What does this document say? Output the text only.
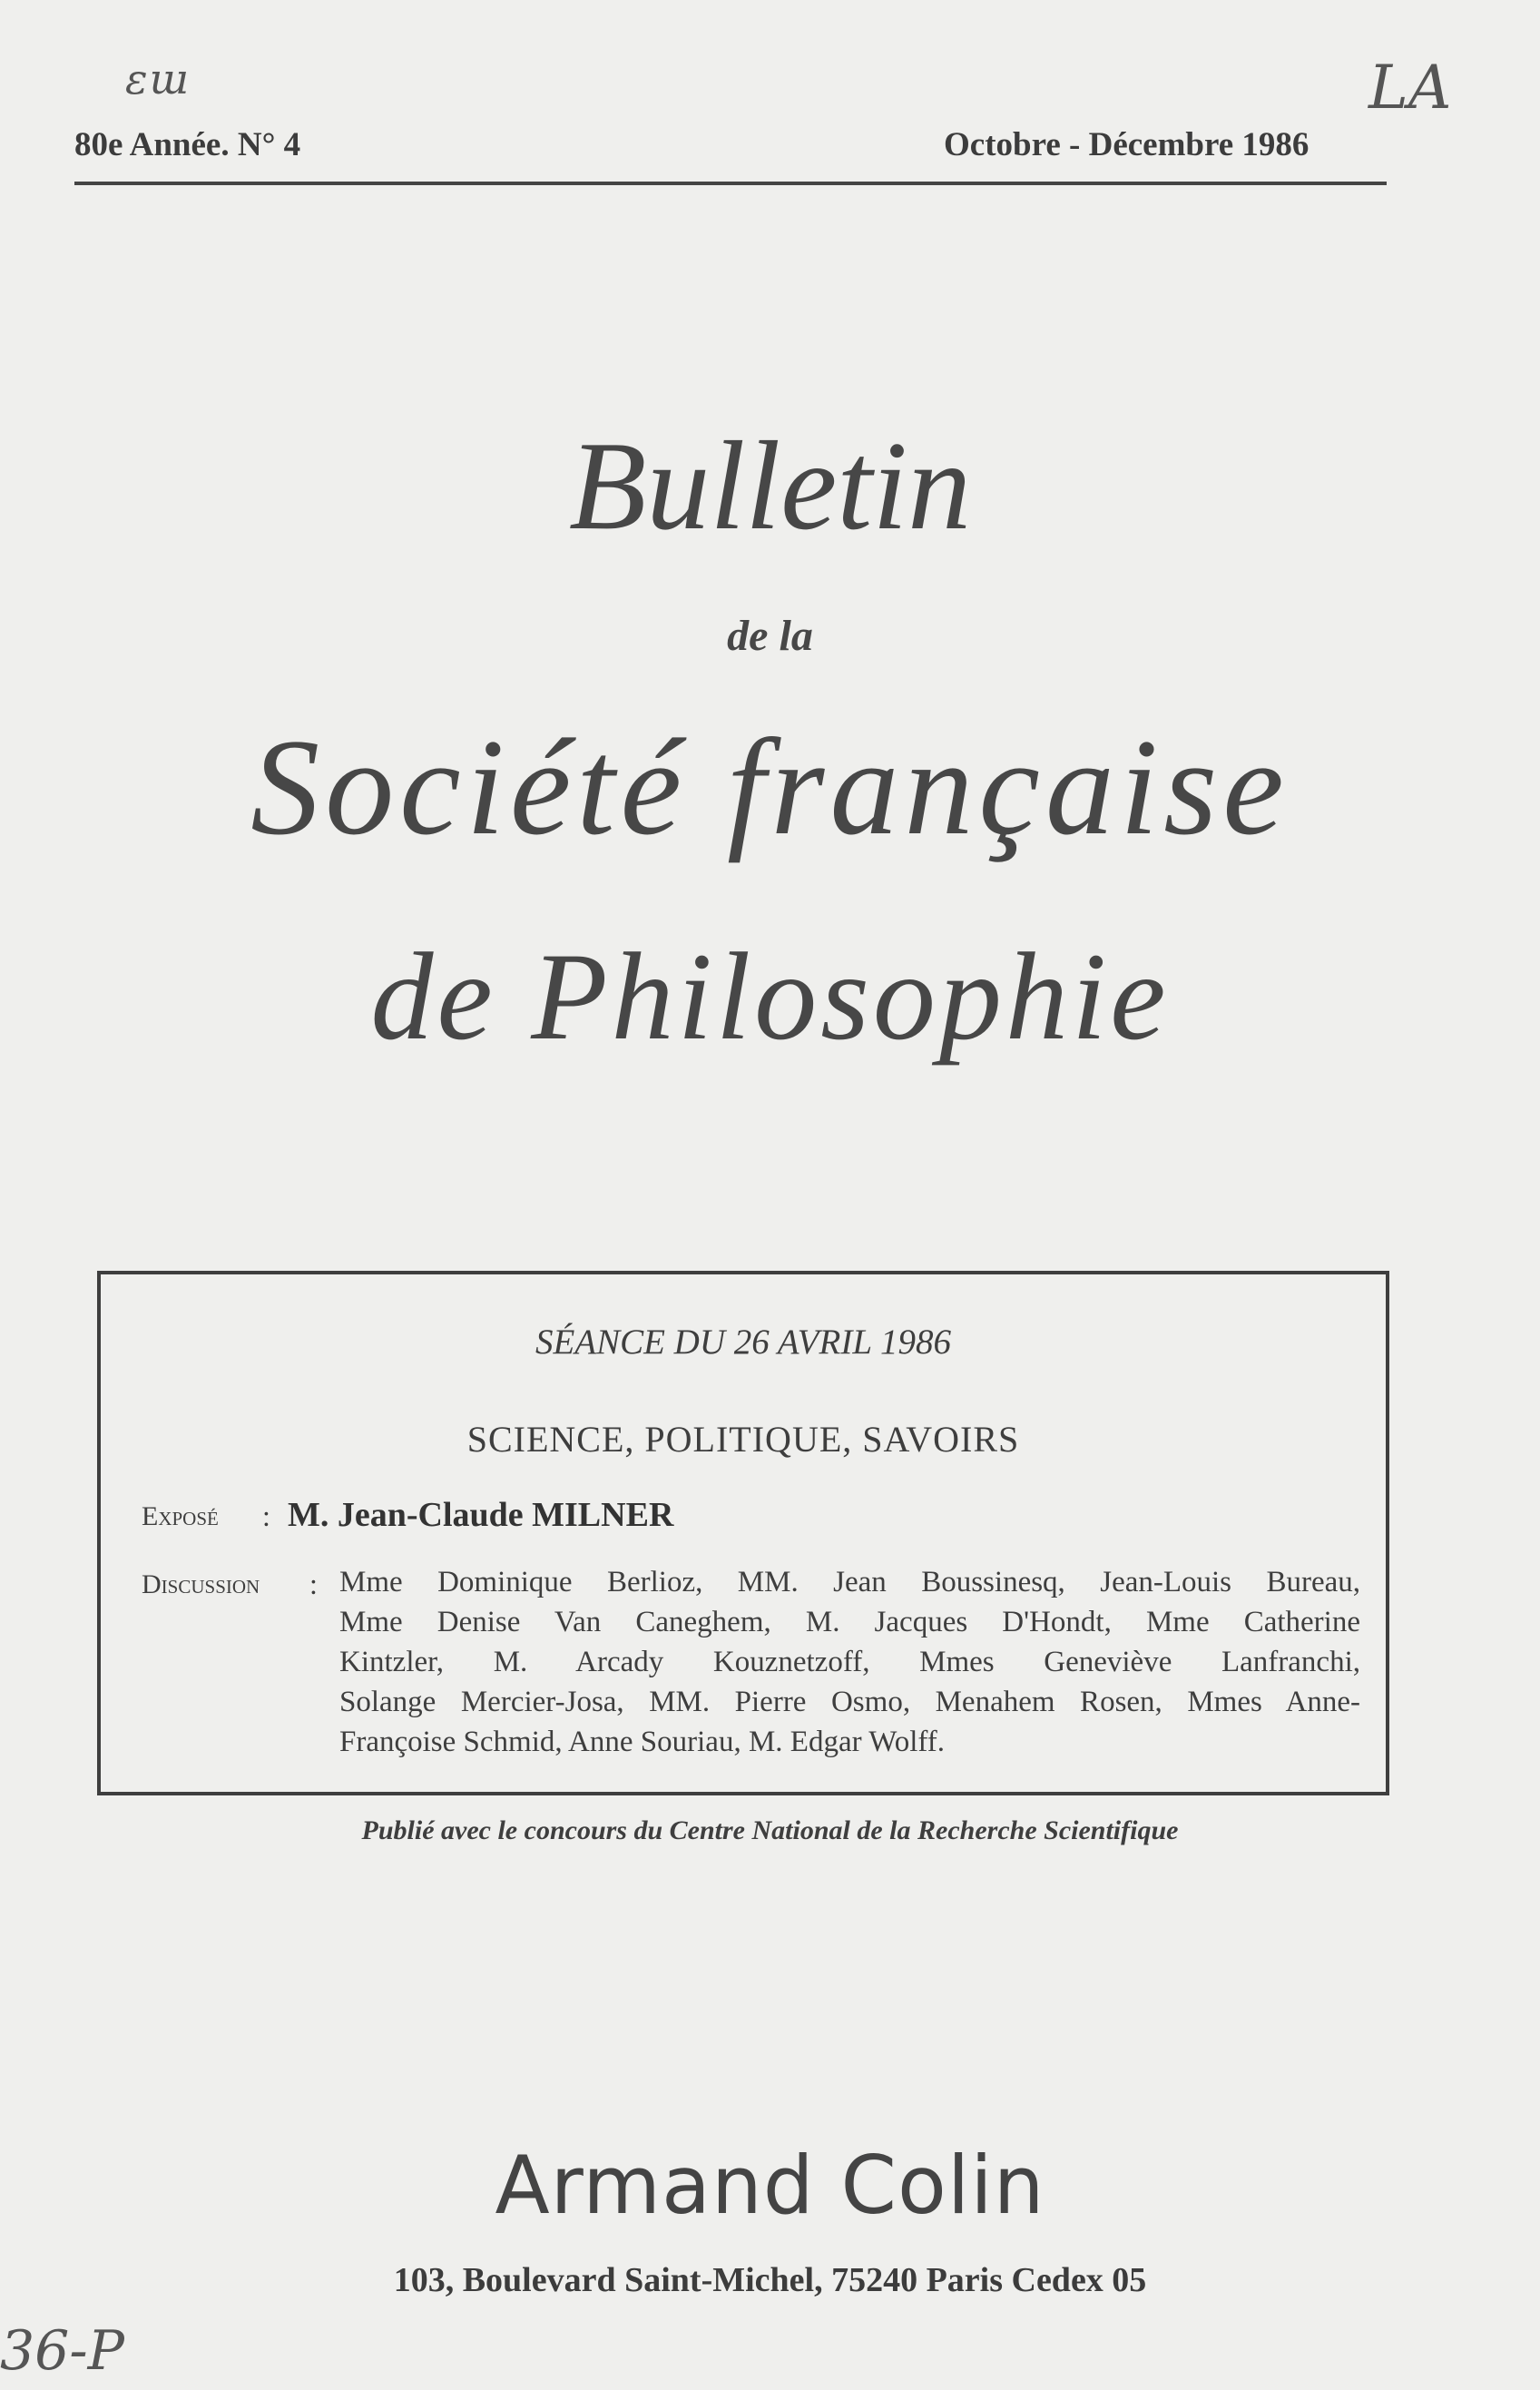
ɛɯ	LA
36-P
80e Année. N° 4	Octobre - Décembre 1986
Bulletin
de la
Société française
de Philosophie
SÉANCE DU 26 AVRIL 1986
SCIENCE, POLITIQUE, SAVOIRS
Exposé : M. Jean-Claude MILNER
Discussion : Mme Dominique Berlioz, MM. Jean Boussinesq, Jean-Louis Bureau,

Mme Denise Van Caneghem, M. Jacques D'Hondt, Mme Catherine

Kintzler, M. Arcady Kouznetzoff, Mmes Geneviève Lanfranchi,

Solange Mercier-Josa, MM. Pierre Osmo, Menahem Rosen, Mmes Anne-

Françoise Schmid, Anne Souriau, M. Edgar Wolff.

Publié avec le concours du Centre National de la Recherche Scientifique
Armand Colin
103, Boulevard Saint-Michel, 75240 Paris Cedex 05
